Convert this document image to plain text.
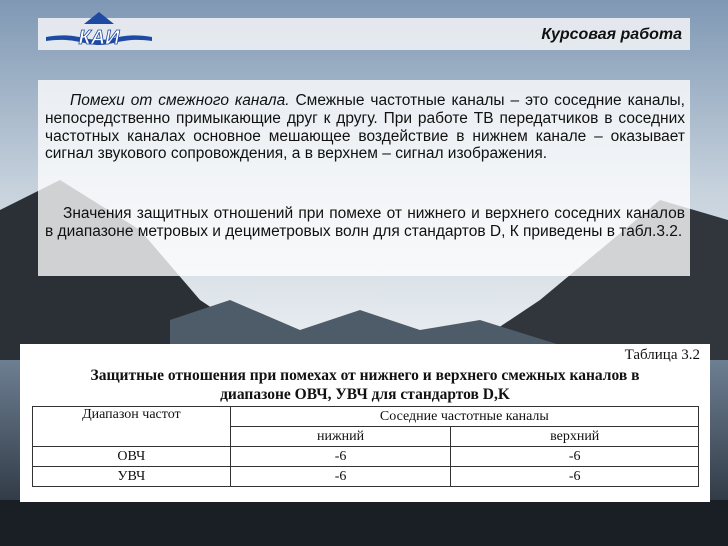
КАИ	Курсовая работа
Помехи от смежного канала. Смежные частотные каналы – это соседние каналы, непосредственно примыкающие друг к другу. При работе ТВ передатчиков в соседних частотных каналах основное мешающее воздействие в нижнем канале – оказывает сигнал звукового сопровождения, а в верхнем – сигнал изображения.
Значения защитных отношений при помехе от нижнего и верхнего соседних каналов в диапазоне метровых и дециметровых волн для стандартов D, К приведены в табл.3.2.
Таблица 3.2
Защитные отношения при помехах от нижнего и верхнего смежных каналов в
диапазоне ОВЧ, УВЧ для стандартов D,K
Диапазон частот	Соседние частотные каналы	
	нижний	верхний
ОВЧ	-6	-6
УВЧ	-6	-6
